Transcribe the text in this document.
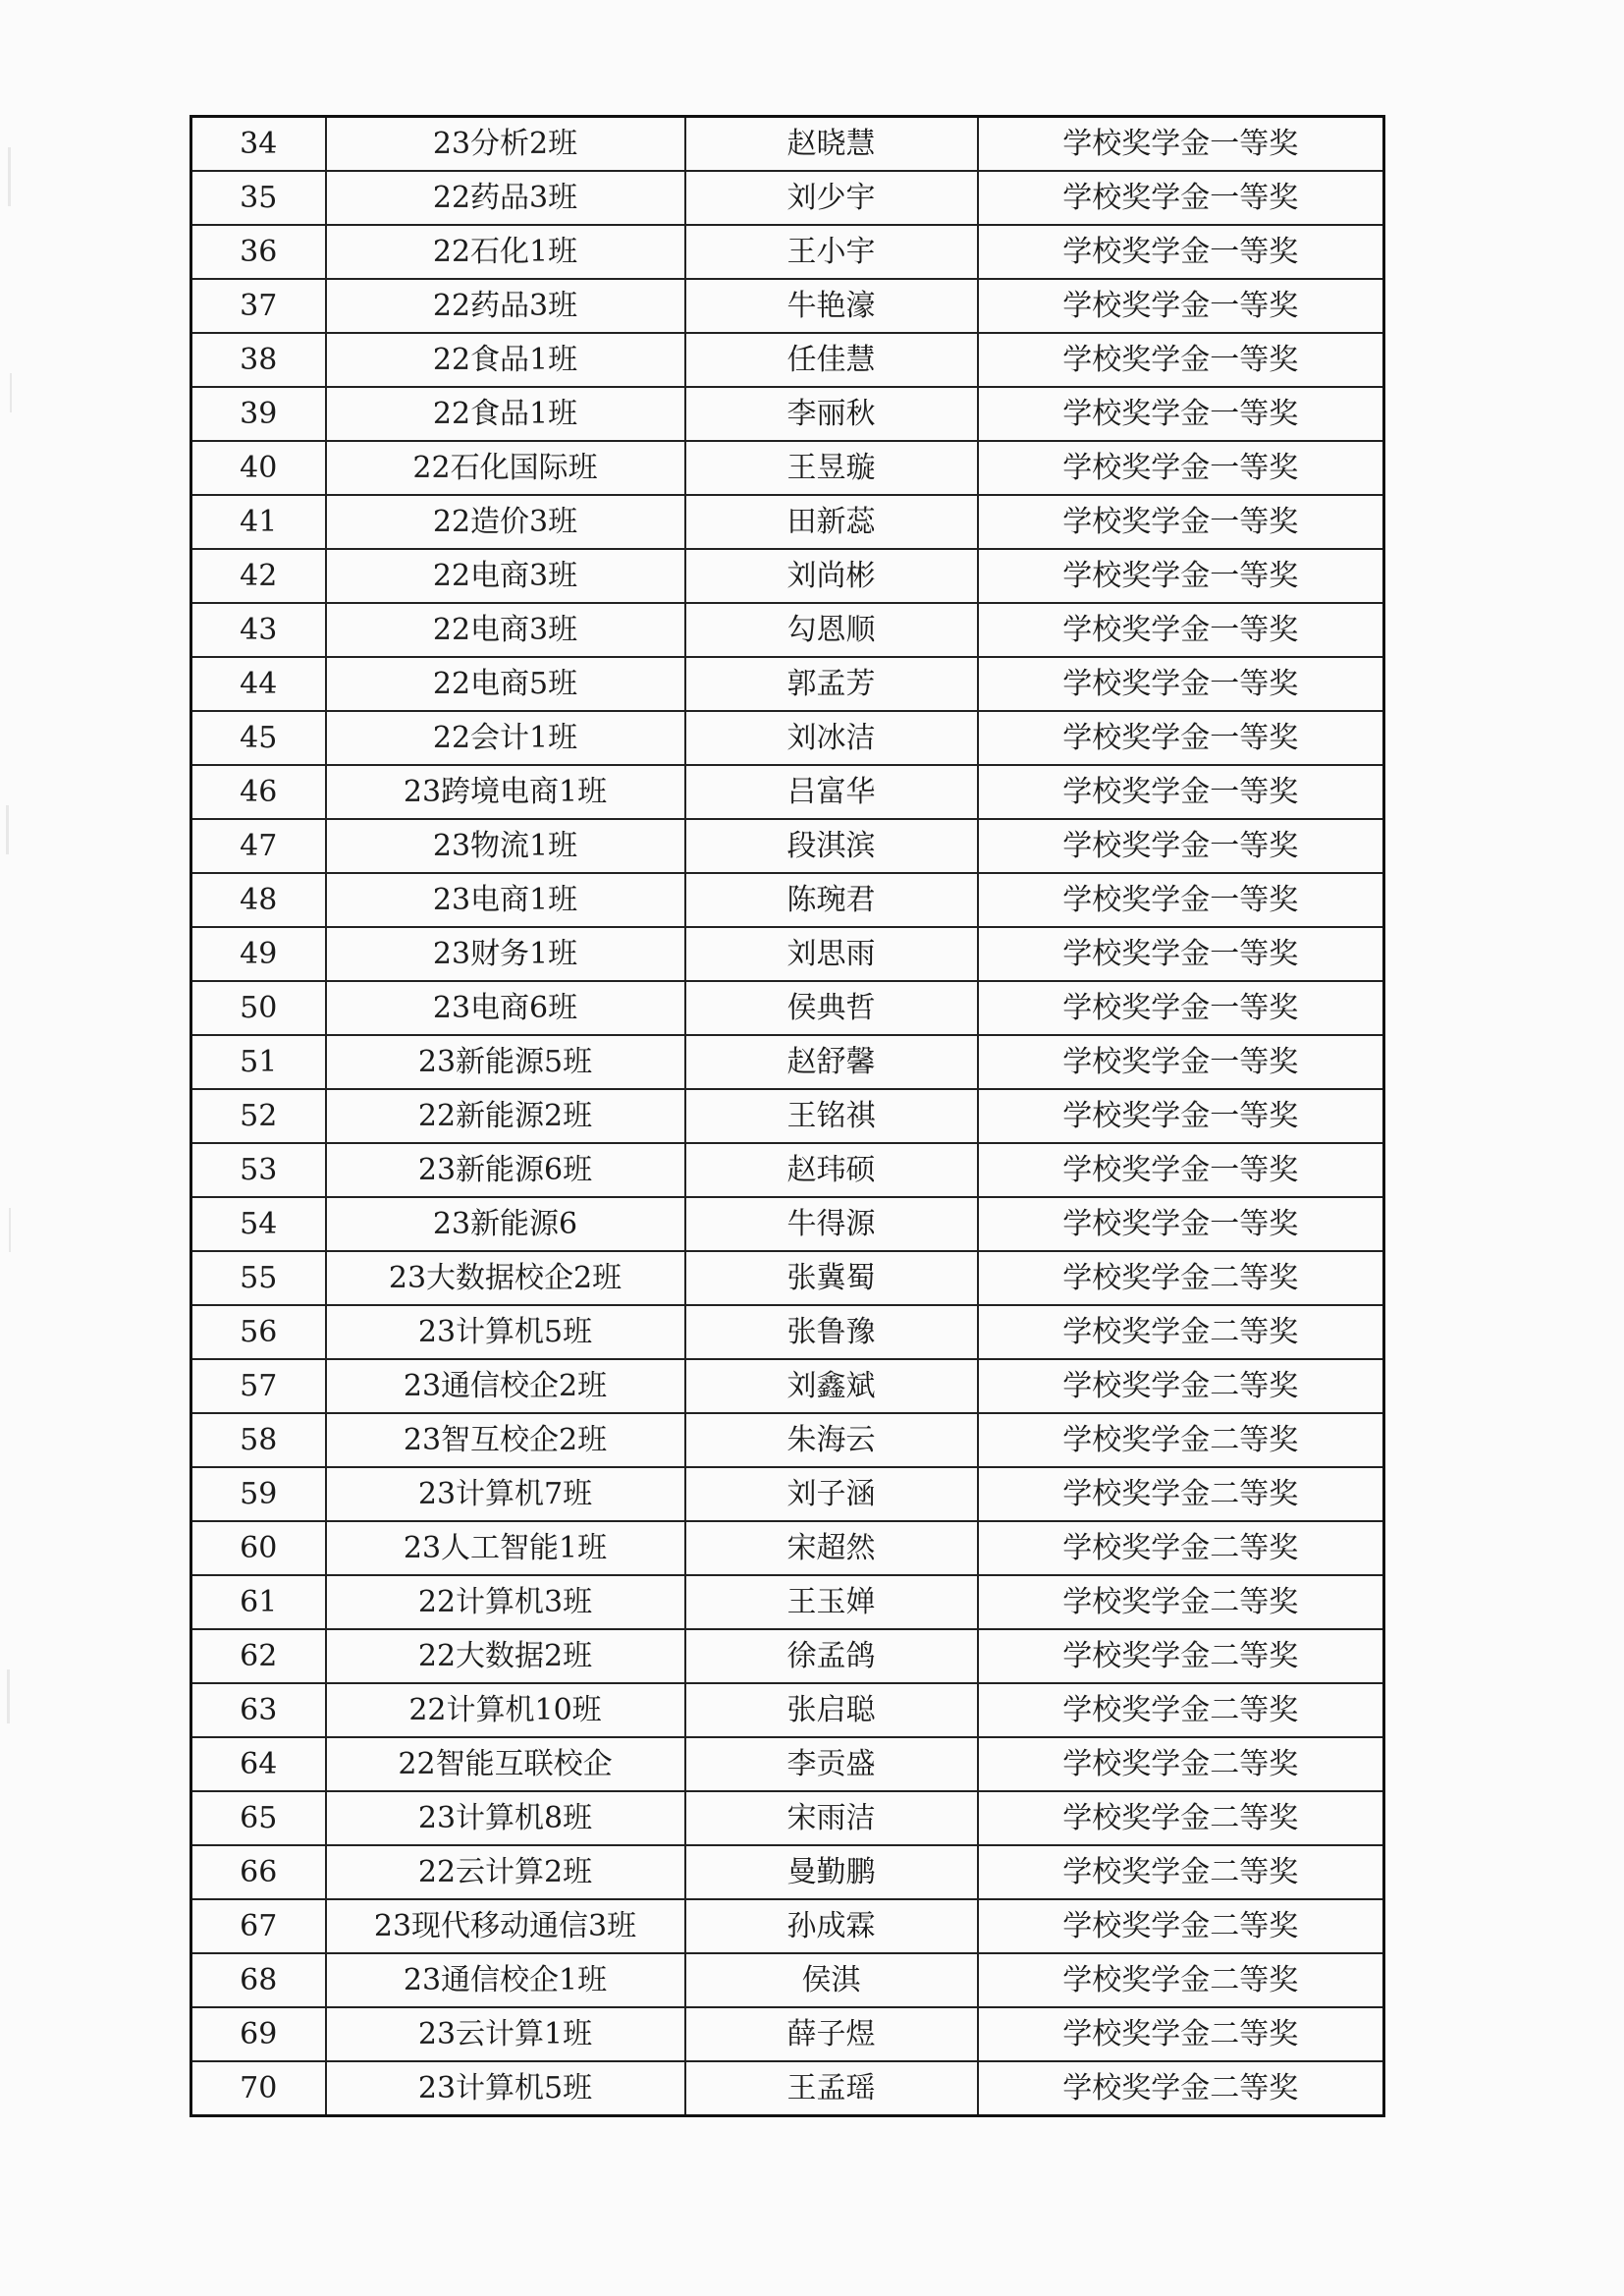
34	23分析2班	赵晓慧	学校奖学金一等奖
35	22药品3班	刘少宇	学校奖学金一等奖
36	22石化1班	王小宇	学校奖学金一等奖
37	22药品3班	牛艳濠	学校奖学金一等奖
38	22食品1班	任佳慧	学校奖学金一等奖
39	22食品1班	李丽秋	学校奖学金一等奖
40	22石化国际班	王昱璇	学校奖学金一等奖
41	22造价3班	田新蕊	学校奖学金一等奖
42	22电商3班	刘尚彬	学校奖学金一等奖
43	22电商3班	勾恩顺	学校奖学金一等奖
44	22电商5班	郭孟芳	学校奖学金一等奖
45	22会计1班	刘冰洁	学校奖学金一等奖
46	23跨境电商1班	吕富华	学校奖学金一等奖
47	23物流1班	段淇滨	学校奖学金一等奖
48	23电商1班	陈琬君	学校奖学金一等奖
49	23财务1班	刘思雨	学校奖学金一等奖
50	23电商6班	侯典哲	学校奖学金一等奖
51	23新能源5班	赵舒馨	学校奖学金一等奖
52	22新能源2班	王铭祺	学校奖学金一等奖
53	23新能源6班	赵玮硕	学校奖学金一等奖
54	23新能源6	牛得源	学校奖学金一等奖
55	23大数据校企2班	张冀蜀	学校奖学金二等奖
56	23计算机5班	张鲁豫	学校奖学金二等奖
57	23通信校企2班	刘鑫斌	学校奖学金二等奖
58	23智互校企2班	朱海云	学校奖学金二等奖
59	23计算机7班	刘子涵	学校奖学金二等奖
60	23人工智能1班	宋超然	学校奖学金二等奖
61	22计算机3班	王玉婵	学校奖学金二等奖
62	22大数据2班	徐孟鸽	学校奖学金二等奖
63	22计算机10班	张启聪	学校奖学金二等奖
64	22智能互联校企	李贡盛	学校奖学金二等奖
65	23计算机8班	宋雨洁	学校奖学金二等奖
66	22云计算2班	曼勤鹏	学校奖学金二等奖
67	23现代移动通信3班	孙成霖	学校奖学金二等奖
68	23通信校企1班	侯淇	学校奖学金二等奖
69	23云计算1班	薛子煜	学校奖学金二等奖
70	23计算机5班	王孟瑶	学校奖学金二等奖
